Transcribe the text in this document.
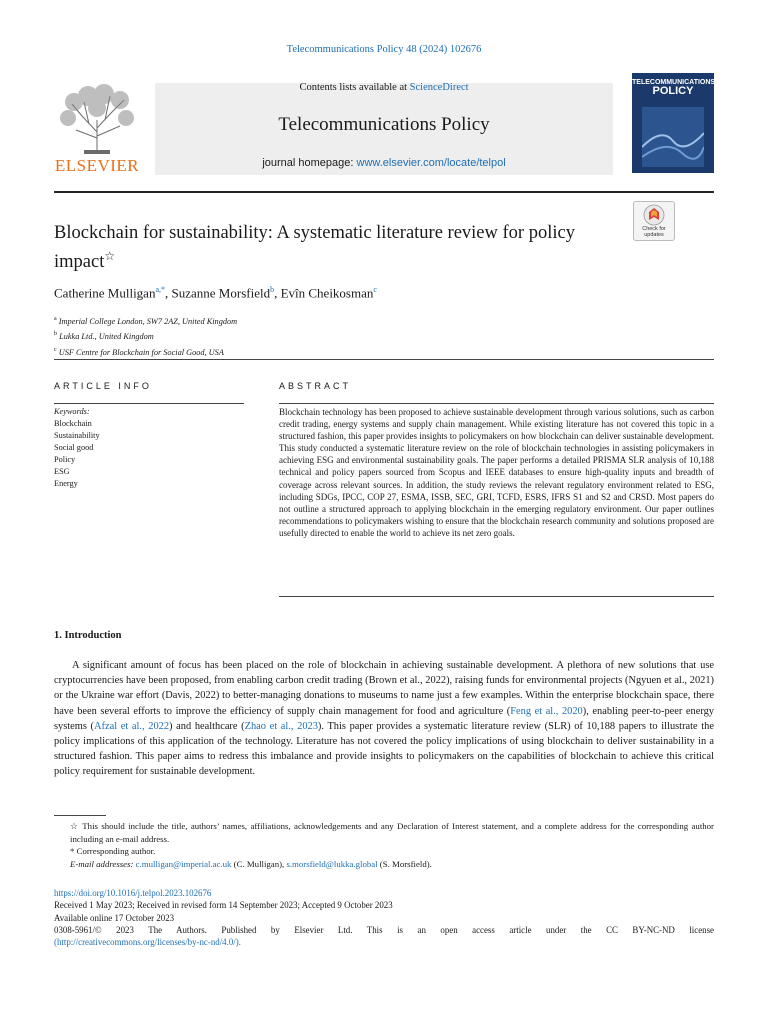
Telecommunications Policy 48 (2024) 102676
ELSEVIER
Contents lists available at ScienceDirect
Telecommunications Policy
journal homepage: www.elsevier.com/locate/telpol
TELECOMMUNICATIONS
POLICY
Check for updates
Blockchain for sustainability: A systematic literature review for policy impact☆
Catherine Mulligan$^{a,*}$, Suzanne Morsfield$^b$, Evîn Cheikosman$^c$
$^a$ Imperial College London, SW7 2AZ, United Kingdom
$^b$ Lukka Ltd., United Kingdom
$^c$ USF Centre for Blockchain for Social Good, USA
ARTICLE INFO	ABSTRACT
Keywords:
Blockchain
Sustainability
Social good
Policy
ESG
Energy
Blockchain technology has been proposed to achieve sustainable development through various solutions, such as carbon credit trading, energy systems and supply chain management. While existing literature has not covered this topic in a structured fashion, this paper provides insights to policymakers on how blockchain can deliver sustainable development. This study conducted a systematic literature review on the role of blockchain technologies in assisting policymakers in achieving ESG and environmental sustainability goals. The paper performs a detailed PRISMA SLR analysis of 10,188 technical and policy papers sourced from Scopus and IEEE databases to ensure high-quality inputs and breadth of coverage across relevant sources. In addition, the study reviews the relevant regulatory environment related to ESG, including SDGs, IPCC, COP 27, ESMA, ISSB, SEC, GRI, TCFD, ESRS, IFRS S1 and S2 and CRSD. Most papers do not outline a structured approach to applying blockchain in the emerging regulatory environment. Our paper outlines recommendations to policymakers wishing to ensure that the blockchain research community and solutions proposed are usefully directed to enable the world to achieve its net zero goals.
1. Introduction
A significant amount of focus has been placed on the role of blockchain in achieving sustainable development. A plethora of new solutions that use cryptocurrencies have been proposed, from enabling carbon credit trading (Brown et al., 2022), raising funds for environmental projects (Ngyuen et al., 2021) or the Ukraine war effort (Davis, 2022) to better-managing donations to museums to name just a few examples. Within the enterprise blockchain space, there have been several efforts to improve the efficiency of supply chain management for food and agriculture (Feng et al., 2020), enabling peer-to-peer energy systems (Afzal et al., 2022) and healthcare (Zhao et al., 2023). This paper provides a systematic literature review (SLR) of 10,188 papers to illustrate the policy implications of this application of the technology. Literature has not covered the policy implications of using blockchain to deliver sustainability in a structured fashion. This paper aims to redress this imbalance and provide insights to policymakers on the capabilities of blockchain to achieve this critical policy requirement for sustainable development.
☆ This should include the title, authors’ names, affiliations, acknowledgements and any Declaration of Interest statement, and a complete address for the corresponding author including an e-mail address.
* Corresponding author.
E-mail addresses: c.mulligan@imperial.ac.uk (C. Mulligan), s.morsfield@lukka.global (S. Morsfield).
https://doi.org/10.1016/j.telpol.2023.102676
Received 1 May 2023; Received in revised form 14 September 2023; Accepted 9 October 2023
Available online 17 October 2023
0308-5961/© 2023 The Authors. Published by Elsevier Ltd. This is an open access article under the CC BY-NC-ND license
(http://creativecommons.org/licenses/by-nc-nd/4.0/).
